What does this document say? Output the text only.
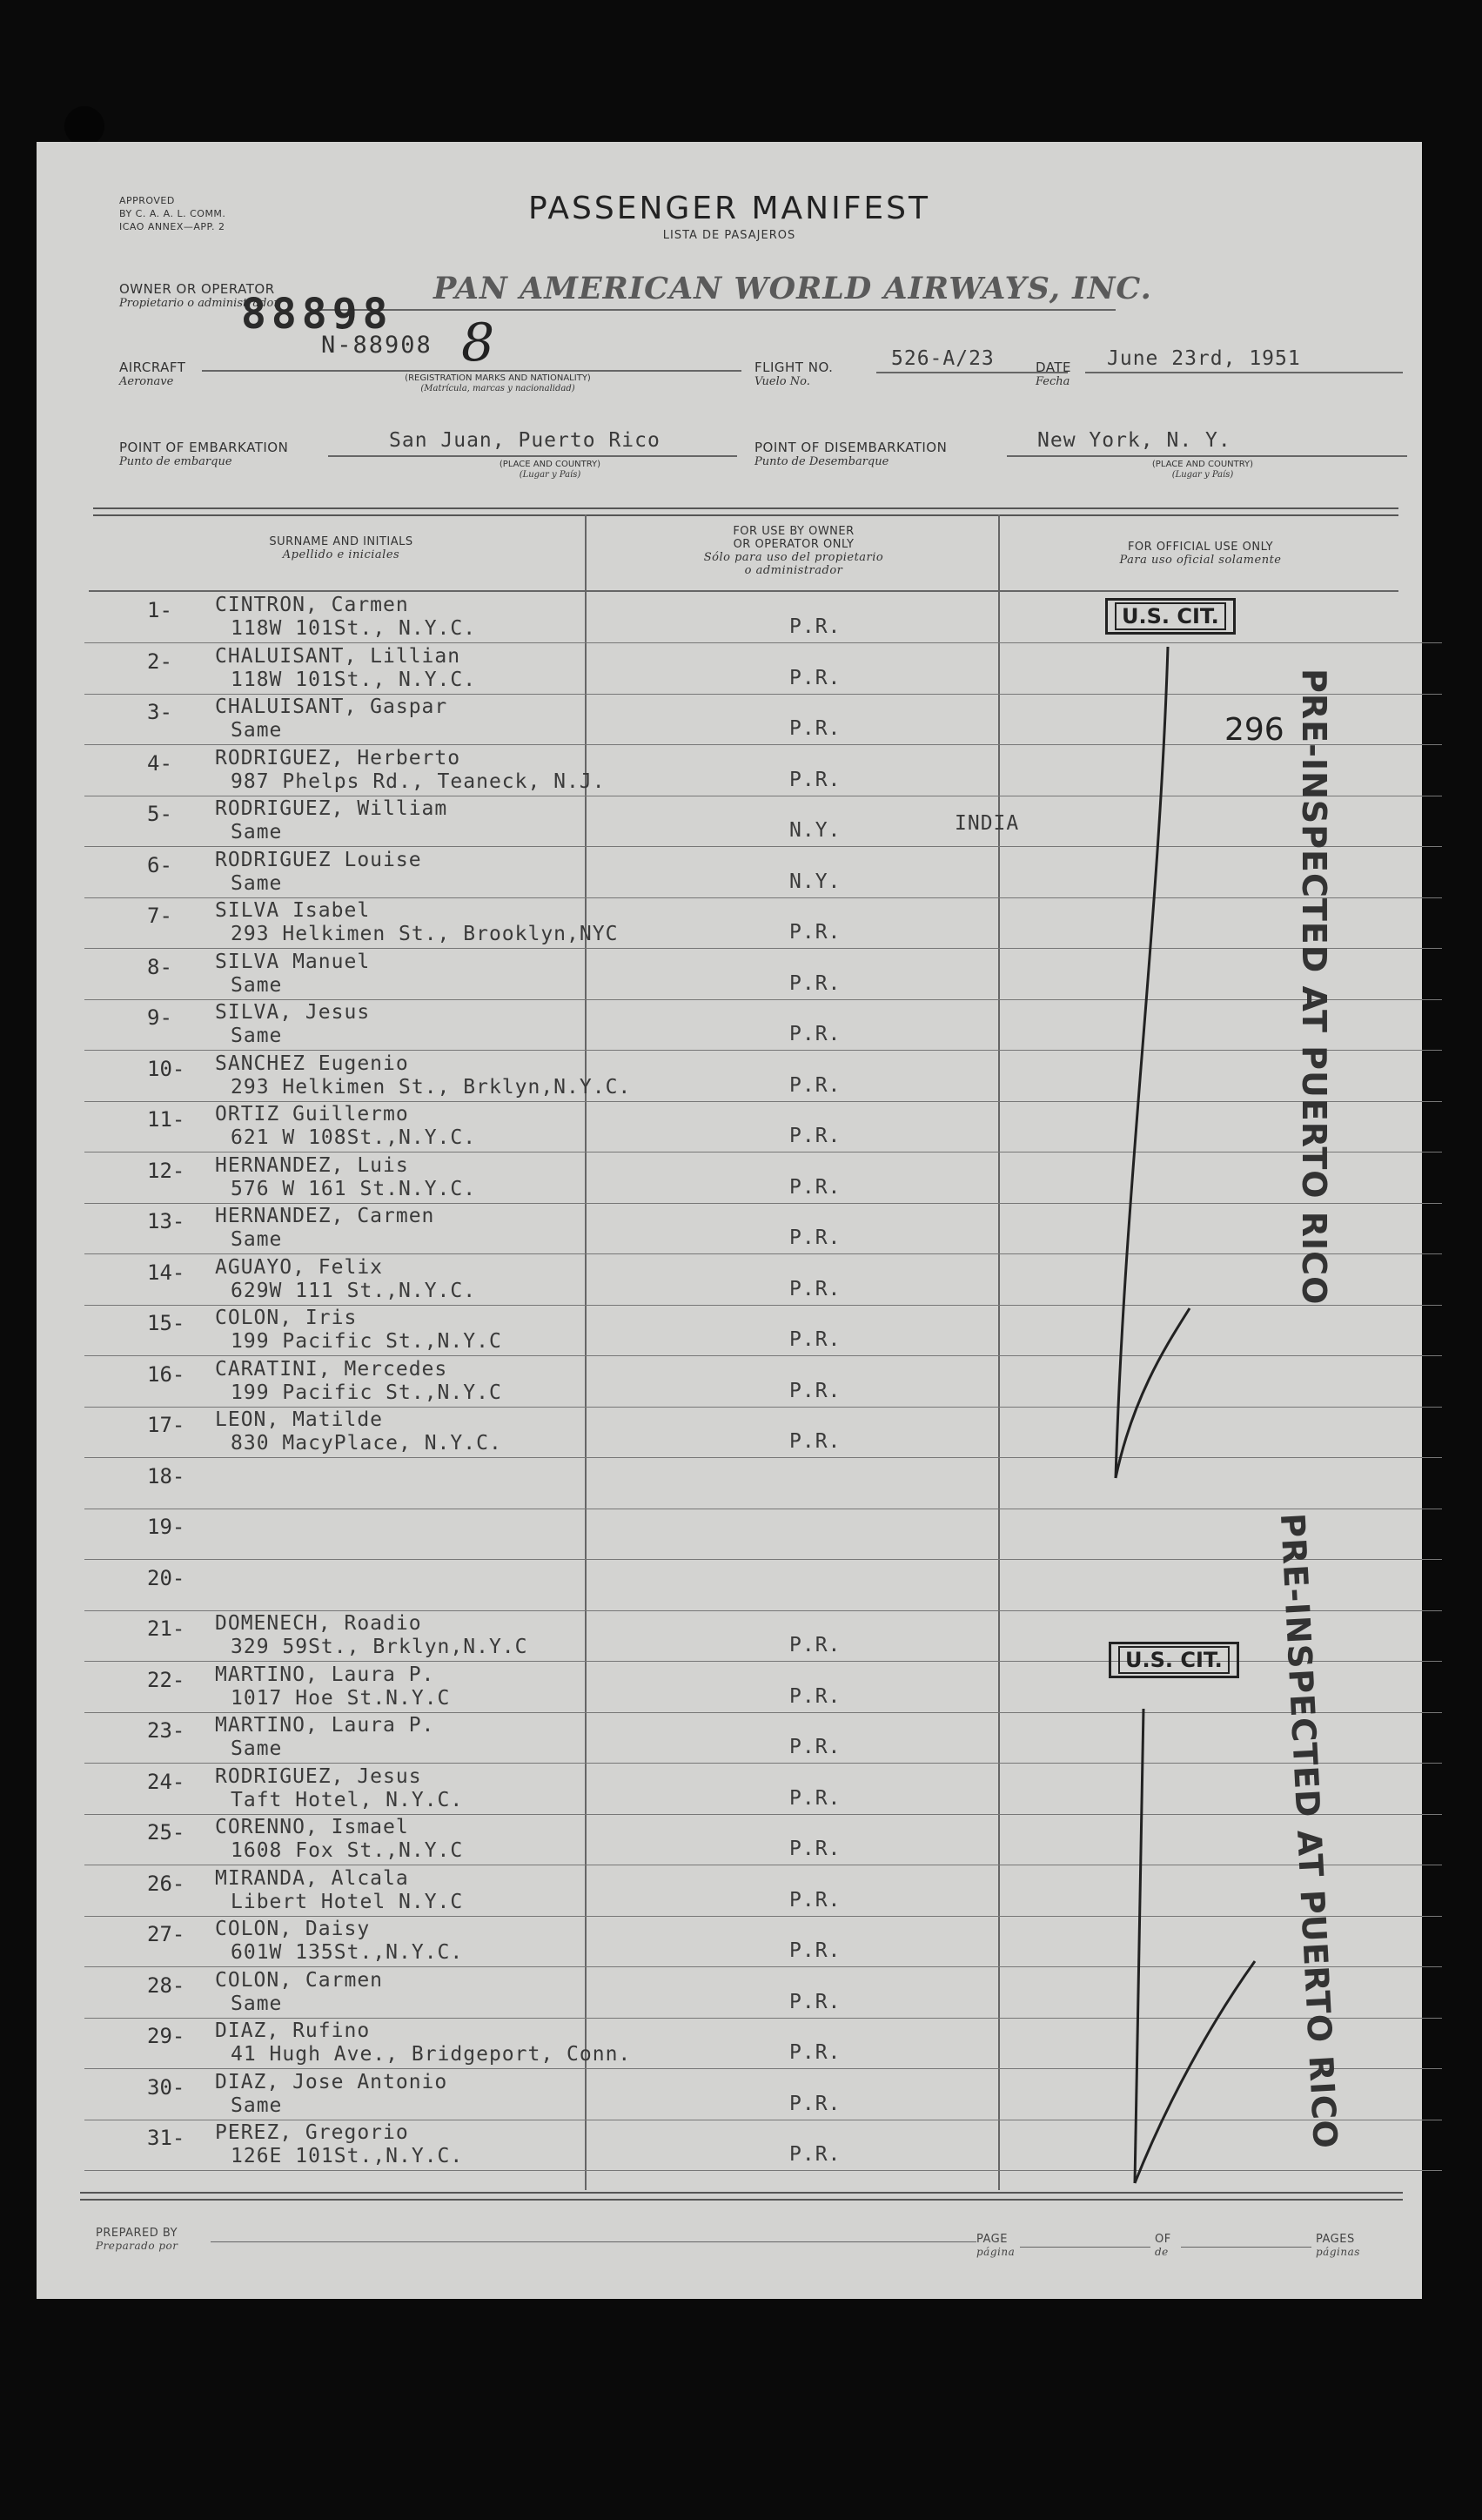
APPROVED
BY C. A. A. L. COMM.
ICAO ANNEX—APP. 2
PASSENGER MANIFEST
LISTA DE PASAJEROS
OWNER OR OPERATOR
Propietario o administrador	PAN AMERICAN WORLD AIRWAYS, INC.
88898
AIRCRAFT
Aeronave
N-88908 8
(REGISTRATION MARKS AND NATIONALITY)
(Matrícula, marcas y nacionalidad)
FLIGHT NO.
Vuelo No.
526-A/23	DATE
Fecha
June 23rd, 1951
POINT OF EMBARKATION
Punto de embarque
San Juan, Puerto Rico
(PLACE AND COUNTRY)
(Lugar y País)
POINT OF DISEMBARKATION
Punto de Desembarque
New York, N. Y.
(PLACE AND COUNTRY)
(Lugar y País)
SURNAME AND INITIALS
Apellido e iniciales
FOR USE BY OWNER
OR OPERATOR ONLY
Sólo para uso del propietario
o administrador
FOR OFFICIAL USE ONLY
Para uso oficial solamente
1- CINTRON, Carmen
118W 101St., N.Y.C.	P.R.
2- CHALUISANT, Lillian
118W 101St., N.Y.C.	P.R.
3- CHALUISANT, Gaspar
Same	P.R.
4- RODRIGUEZ, Herberto
987 Phelps Rd., Teaneck, N.J.	P.R.
5- RODRIGUEZ, William
Same	N.Y.	INDIA
6- RODRIGUEZ Louise
Same	N.Y.
7- SILVA Isabel
293 Helkimen St., Brooklyn,NYC	P.R.
8- SILVA Manuel
Same	P.R.
9- SILVA, Jesus
Same	P.R.
10- SANCHEZ Eugenio
293 Helkimen St., Brklyn,N.Y.C.	P.R.
11- ORTIZ Guillermo
621 W 108St.,N.Y.C.	P.R.
12- HERNANDEZ, Luis
576 W 161 St.N.Y.C.	P.R.
13- HERNANDEZ, Carmen
Same	P.R.
14- AGUAYO, Felix
629W 111 St.,N.Y.C.	P.R.
15- COLON, Iris
199 Pacific St.,N.Y.C	P.R.
16- CARATINI, Mercedes
199 Pacific St.,N.Y.C	P.R.
17- LEON, Matilde
830 MacyPlace, N.Y.C.	P.R.
18-
19-
20-
21- DOMENECH, Roadio
329 59St., Brklyn,N.Y.C	P.R.
22- MARTINO, Laura P.
1017 Hoe St.N.Y.C	P.R.
23- MARTINO, Laura P.
Same	P.R.
24- RODRIGUEZ, Jesus
Taft Hotel, N.Y.C.	P.R.
25- CORENNO, Ismael
1608 Fox St.,N.Y.C	P.R.
26- MIRANDA, Alcala
Libert Hotel N.Y.C	P.R.
27- COLON, Daisy
601W 135St.,N.Y.C.	P.R.
28- COLON, Carmen
Same	P.R.
29- DIAZ, Rufino
41 Hugh Ave., Bridgeport, Conn.	P.R.
30- DIAZ, Jose Antonio
Same	P.R.
31- PEREZ, Gregorio
126E 101St.,N.Y.C.	P.R.
U.S. CIT.
PRE-INSPECTED AT PUERTO RICO
296
U.S. CIT. PRE-INSPECTED AT PUERTO RICO
PREPARED BY
Preparado por	PAGE
página
OF
de
PAGES
páginas
